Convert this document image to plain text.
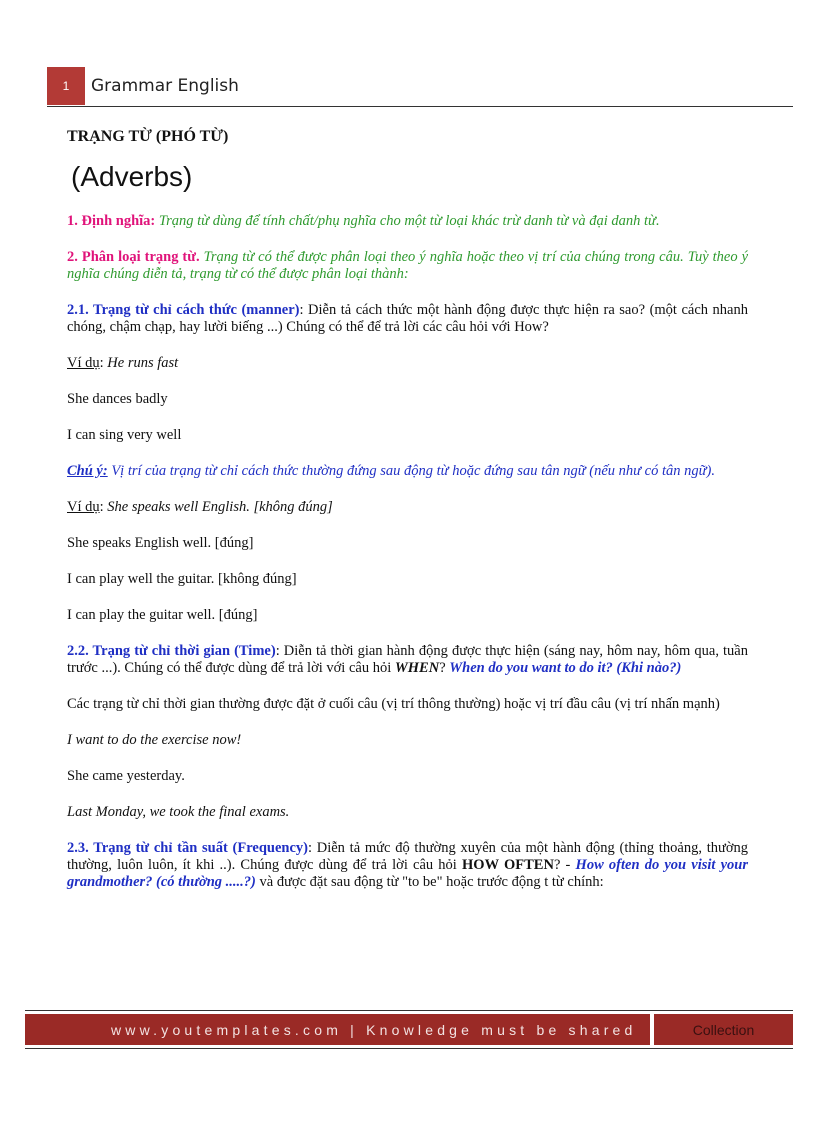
1	Grammar English

TRẠNG TỪ (PHÓ TỪ)

(Adverbs)

1. Định nghĩa: Trạng từ dùng để tính chất/phụ nghĩa cho một từ loại khác trừ danh từ và đại danh từ.

2. Phân loại trạng từ. Trạng từ có thể được phân loại theo ý nghĩa hoặc theo vị trí của chúng trong câu. Tuỳ theo ý nghĩa chúng diễn tả, trạng từ có thể được phân loại thành:

2.1. Trạng từ chỉ cách thức (manner): Diễn tả cách thức một hành động được thực hiện ra sao? (một cách nhanh chóng, chậm chạp, hay lười biếng ...) Chúng có thể để trả lời các câu hỏi với How?

Ví dụ: He runs fast

She dances badly

I can sing very well

Chú ý: Vị trí của trạng từ chỉ cách thức thường đứng sau động từ hoặc đứng sau tân ngữ (nếu như có tân ngữ).

Ví dụ: She speaks well English. [không đúng]

She speaks English well. [đúng]

I can play well the guitar. [không đúng]

I can play the guitar well. [đúng]

2.2. Trạng từ chỉ thời gian (Time): Diễn tả thời gian hành động được thực hiện (sáng nay, hôm nay, hôm qua, tuần trước ...). Chúng có thể được dùng để trả lời với câu hỏi WHEN? When do you want to do it? (Khi nào?)

Các trạng từ chỉ thời gian thường được đặt ở cuối câu (vị trí thông thường) hoặc vị trí đầu câu (vị trí nhấn mạnh)

I want to do the exercise now!

She came yesterday.

Last Monday, we took the final exams.

2.3. Trạng từ chỉ tần suất (Frequency): Diễn tả mức độ thường xuyên của một hành động (thỉng thoảng, thường thường, luôn luôn, ít khi ..). Chúng được dùng để trả lời câu hỏi HOW OFTEN? - How often do you visit your grandmother? (có thường .....?) và được đặt sau động từ "to be" hoặc trước động t từ chính:

www.youtemplates.com | Knowledge must be shared	Collection
